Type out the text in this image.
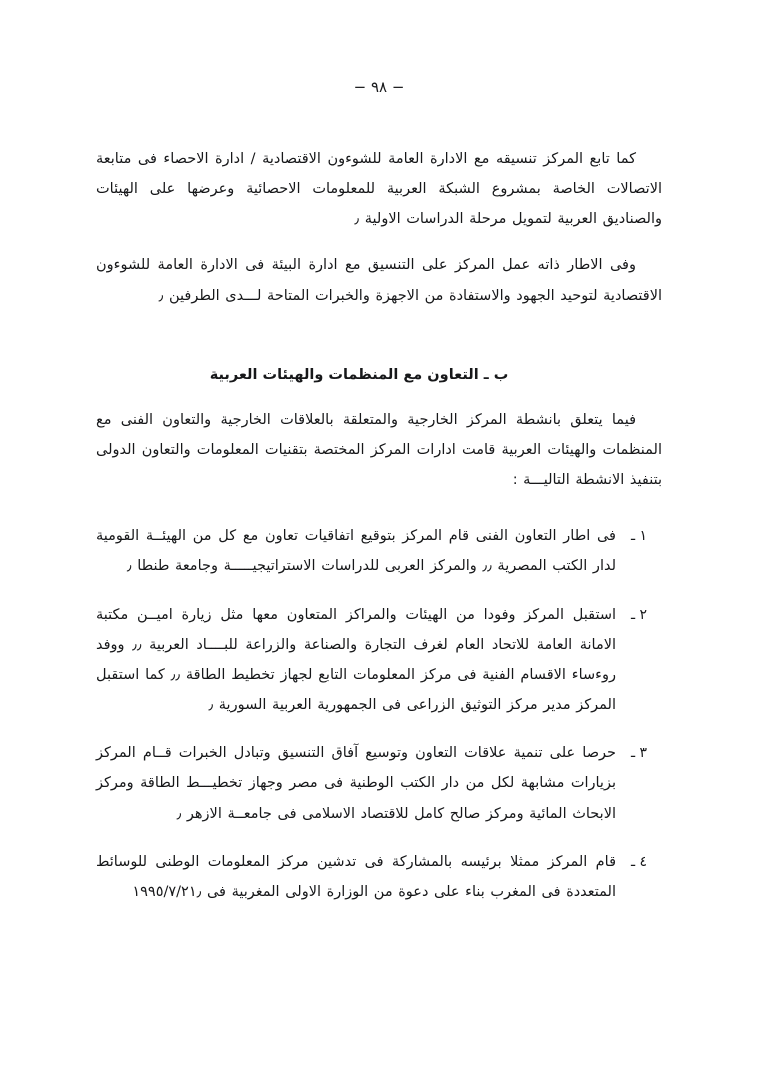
− ٩٨ −

كما تابع المركز تنسيقه مع الادارة العامة للشوءون الاقتصادية / ادارة الاحصاء فى متابعة الاتصالات الخاصة بمشروع الشبكة العربية للمعلومات الاحصائية وعرضها على الهيئات والصناديق العربية لتمويل مرحلة الدراسات الاولية ٫

وفى الاطار ذاته عمل المركز على التنسيق مع ادارة البيئة فى الادارة العامة للشوءون الاقتصادية لتوحيد الجهود والاستفادة من الاجهزة والخبرات المتاحة لـــدى الطرفين ٫

ب ـ التعاون مع المنظمات والهيئات العربية

فيما يتعلق بانشطة المركز الخارجية والمتعلقة بالعلاقات الخارجية والتعاون الفنى مع المنظمات والهيئات العربية قامت ادارات المركز المختصة بتقنيات المعلومات والتعاون الدولى بتنفيذ الانشطة التاليـــة :

١ ـ
فى اطار التعاون الفنى قام المركز بتوقيع اتفاقيات تعاون مع كل من الهيئــة القومية لدار الكتب المصرية ٫٫ والمركز العربى للدراسات الاستراتيجيـــــة وجامعة طنطا ٫
٢ ـ
استقبل المركز وفودا من الهيئات والمراكز المتعاون معها مثل زيارة اميــن مكتبة الامانة العامة للاتحاد العام لغرف التجارة والصناعة والزراعة للبــــاد العربية ٫٫ ووفد روءساء الاقسام الفنية فى مركز المعلومات التابع لجهاز تخطيط الطاقة ٫٫ كما استقبل المركز مدير مركز التوثيق الزراعى فى الجمهورية العربية السورية ٫
٣ ـ
حرصا على تنمية علاقات التعاون وتوسيع آفاق التنسيق وتبادل الخبرات قــام المركز بزيارات مشابهة لكل من دار الكتب الوطنية فى مصر وجهاز تخطيـــط الطاقة ومركز الابحاث المائية ومركز صالح كامل للاقتصاد الاسلامى فى جامعــة الازهر ٫
٤ ـ
قام المركز ممثلا برئيسه بالمشاركة فى تدشين مركز المعلومات الوطنى للوسائط المتعددة فى المغرب بناء على دعوة من الوزارة الاولى المغربية فى ١٩٩٥/٧/٢١٫
